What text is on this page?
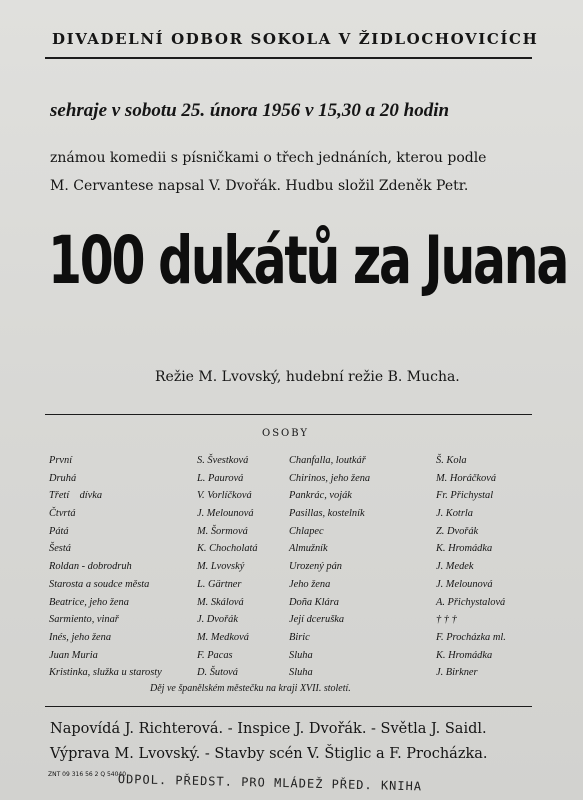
DIVADELNÍ ODBOR SOKOLA V ŽIDLOCHOVICÍCH
sehraje v sobotu 25. února 1956 v 15,30 a 20 hodin
známou komedii s písničkami o třech jednáních, kterou podle
M. Cervantese napsal V. Dvořák. Hudbu složil Zdeněk Petr.
100 dukátů za Juana
Režie M. Lvovský, hudební režie B. Mucha.
OSOBY
První
Druhá
Třetí    dívka
Čtvrtá
Pátá
Šestá
Roldan - dobrodruh
Starosta a soudce města
Beatrice, jeho žena
Sarmiento, vinař
Inés, jeho žena
Juan Muria
Kristinka, služka u starosty
S. Švestková
L. Paurová
V. Vorlíčková
J. Melounová
M. Šormová
K. Chocholatá
M. Lvovský
L. Gärtner
M. Skálová
J. Dvořák
M. Medková
F. Pacas
D. Šutová
Chanfalla, loutkář
Chirinos, jeho žena
Pankrác, voják
Pasillas, kostelník
Chlapec
Almužník
Urozený pán
Jeho žena
Doña Klára
Její dceruška
Biric
Sluha
Sluha
Š. Kola
M. Horáčková
Fr. Přichystal
J. Kotrla
Z. Dvořák
K. Hromádka
J. Medek
J. Melounová
A. Přichystalová
† † †
F. Procházka ml.
K. Hromádka
J. Birkner
Děj ve španělském městečku na kraji XVII. století.
Napovídá J. Richterová. - Inspice J. Dvořák. - Světla J. Saidl.
Výprava M. Lvovský. - Stavby scén V. Štiglic a F. Procházka.
ZNT 09 316 56 2 Q 54040
ODPOL. PŘEDST. PRO MLÁDEŽ PŘED. KNIHA
